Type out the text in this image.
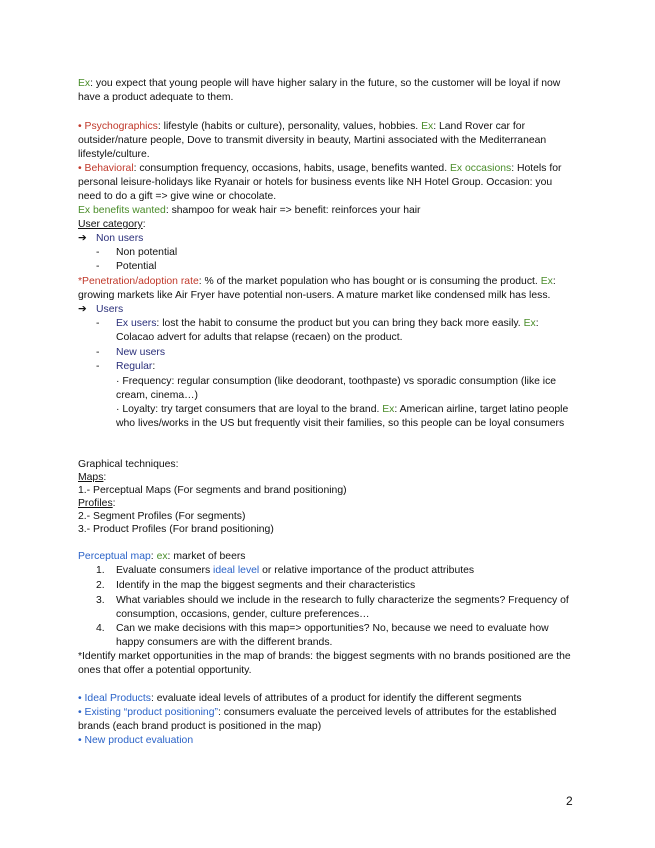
Ex: you expect that young people will have higher salary in the future, so the customer will be loyal if now have a product adequate to them.

• Psychographics: lifestyle (habits or culture), personality, values, hobbies. Ex: Land Rover car for outsider/nature people, Dove to transmit diversity in beauty, Martini associated with the Mediterranean lifestyle/culture.

• Behavioral: consumption frequency, occasions, habits, usage, benefits wanted. Ex occasions: Hotels for personal leisure-holidays like Ryanair or hotels for business events like NH Hotel Group. Occasion: you need to do a gift => give wine or chocolate.

Ex benefits wanted: shampoo for weak hair => benefit: reinforces your hair

User category:

➔ Non users

- Non potential

- Potential

*Penetration/adoption rate: % of the market population who has bought or is consuming the product. Ex: growing markets like Air Fryer have potential non-users. A mature market like condensed milk has less.

➔ Users

- Ex users: lost the habit to consume the product but you can bring they back more easily. Ex: Colacao advert for adults that relapse (recaen) on the product.

- New users

- Regular:

· Frequency: regular consumption (like deodorant, toothpaste) vs sporadic consumption (like ice cream, cinema…)

· Loyalty: try target consumers that are loyal to the brand. Ex: American airline, target latino people who lives/works in the US but frequently visit their families, so this people can be loyal consumers

Graphical techniques:

Maps:

1.- Perceptual Maps (For segments and brand positioning)

Profiles:

2.- Segment Profiles (For segments)

3.- Product Profiles (For brand positioning)

Perceptual map: ex: market of beers

1. Evaluate consumers ideal level or relative importance of the product attributes

2. Identify in the map the biggest segments and their characteristics

3. What variables should we include in the research to fully characterize the segments? Frequency of consumption, occasions, gender, culture preferences…

4. Can we make decisions with this map=> opportunities? No, because we need to evaluate how happy consumers are with the different brands.

*Identify market opportunities in the map of brands: the biggest segments with no brands positioned are the ones that offer a potential opportunity.

• Ideal Products: evaluate ideal levels of attributes of a product for identify the different segments

• Existing “product positioning”: consumers evaluate the perceived levels of attributes for the established brands (each brand product is positioned in the map)

• New product evaluation

2
